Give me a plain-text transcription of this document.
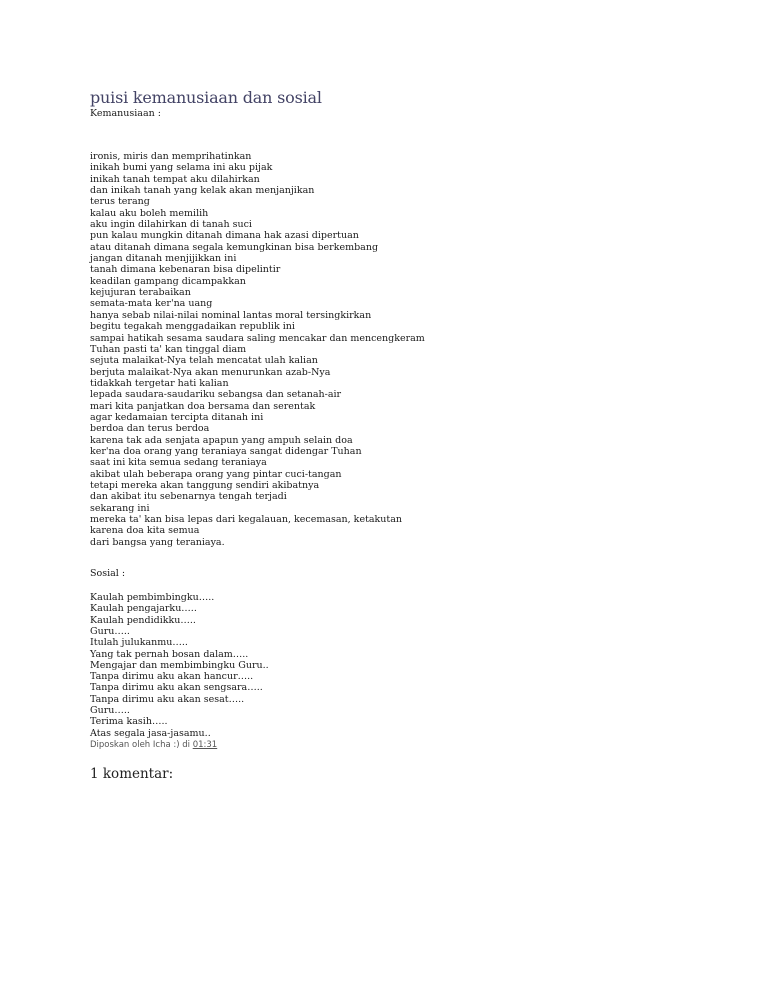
puisi kemanusiaan dan sosial

Kemanusiaan :

ironis, miris dan memprihatinkan
inikah bumi yang selama ini aku pijak
inikah tanah tempat aku dilahirkan
dan inikah tanah yang kelak akan menjanjikan
terus terang
kalau aku boleh memilih
aku ingin dilahirkan di tanah suci
pun kalau mungkin ditanah dimana hak azasi dipertuan
atau ditanah dimana segala kemungkinan bisa berkembang
jangan ditanah menjijikkan ini
tanah dimana kebenaran bisa dipelintir
keadilan gampang dicampakkan
kejujuran terabaikan
semata-mata ker'na uang
hanya sebab nilai-nilai nominal lantas moral tersingkirkan
begitu tegakah menggadaikan republik ini
sampai hatikah sesama saudara saling mencakar dan mencengkeram
Tuhan pasti ta' kan tinggal diam
sejuta malaikat-Nya telah mencatat ulah kalian
berjuta malaikat-Nya akan menurunkan azab-Nya
tidakkah tergetar hati kalian
lepada saudara-saudariku sebangsa dan setanah-air
mari kita panjatkan doa bersama dan serentak
agar kedamaian tercipta ditanah ini
berdoa dan terus berdoa
karena tak ada senjata apapun yang ampuh selain doa
ker'na doa orang yang teraniaya sangat didengar Tuhan
saat ini kita semua sedang teraniaya
akibat ulah beberapa orang yang pintar cuci-tangan
tetapi mereka akan tanggung sendiri akibatnya
dan akibat itu sebenarnya tengah terjadi
sekarang ini
mereka ta' kan bisa lepas dari kegalauan, kecemasan, ketakutan
karena doa kita semua
dari bangsa yang teraniaya.

Sosial :

Kaulah pembimbingku…..
Kaulah pengajarku…..
Kaulah pendidikku…..
Guru…..
Itulah julukanmu…..
Yang tak pernah bosan dalam…..
Mengajar dan membimbingku Guru..
Tanpa dirimu aku akan hancur…..
Tanpa dirimu aku akan sengsara…..
Tanpa dirimu aku akan sesat…..
Guru…..
Terima kasih…..
Atas segala jasa-jasamu..
Diposkan oleh Icha :) di 01:31
1 komentar:
